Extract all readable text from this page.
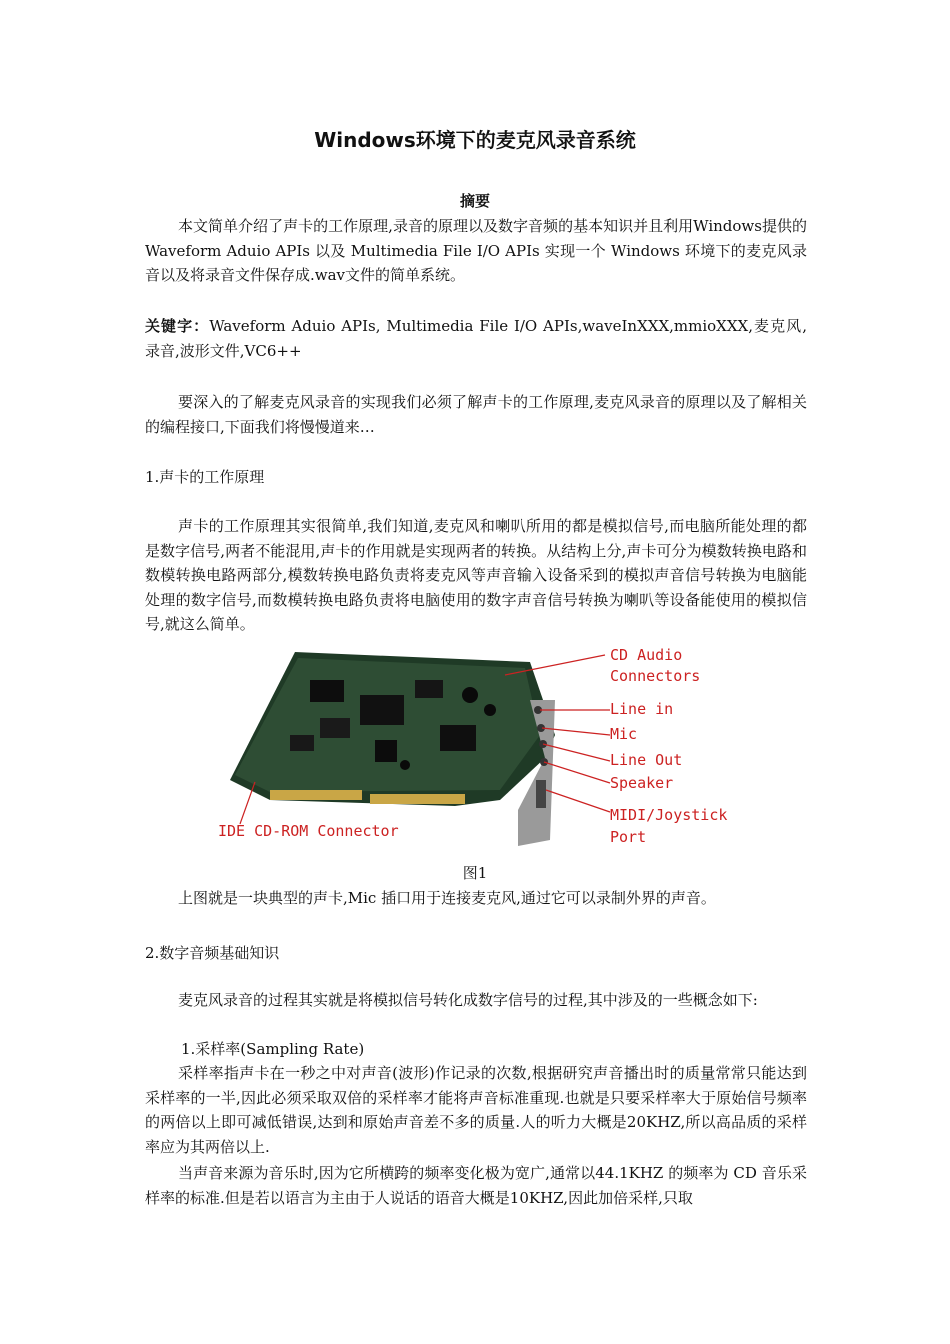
Windows环境下的麦克风录音系统
摘要
本文简单介绍了声卡的工作原理,录音的原理以及数字音频的基本知识并且利用Windows提供的Waveform Aduio APIs 以及 Multimedia File I/O APIs 实现一个 Windows 环境下的麦克风录音以及将录音文件保存成.wav文件的简单系统。
关键字：Waveform Aduio APIs, Multimedia File I/O APIs,waveInXXX,mmioXXX,麦克风,录音,波形文件,VC6++
要深入的了解麦克风录音的实现我们必须了解声卡的工作原理,麦克风录音的原理以及了解相关的编程接口,下面我们将慢慢道来…
1.声卡的工作原理
声卡的工作原理其实很简单,我们知道,麦克风和喇叭所用的都是模拟信号,而电脑所能处理的都是数字信号,两者不能混用,声卡的作用就是实现两者的转换。从结构上分,声卡可分为模数转换电路和数模转换电路两部分,模数转换电路负责将麦克风等声音输入设备采到的模拟声音信号转换为电脑能处理的数字信号,而数模转换电路负责将电脑使用的数字声音信号转换为喇叭等设备能使用的模拟信号,就这么简单。
CD Audio
Connectors
Line in
Mic
Line Out
Speaker
MIDI/Joystick
Port
IDE CD-ROM Connector
图1
上图就是一块典型的声卡,Mic 插口用于连接麦克风,通过它可以录制外界的声音。
2.数字音频基础知识
麦克风录音的过程其实就是将模拟信号转化成数字信号的过程,其中涉及的一些概念如下:
1.采样率(Sampling Rate)
采样率指声卡在一秒之中对声音(波形)作记录的次数,根据研究声音播出时的质量常常只能达到采样率的一半,因此必须采取双倍的采样率才能将声音标准重现.也就是只要采样率大于原始信号频率的两倍以上即可减低错误,达到和原始声音差不多的质量.人的听力大概是20KHZ,所以高品质的采样率应为其两倍以上.
当声音来源为音乐时,因为它所横跨的频率变化极为宽广,通常以44.1KHZ 的频率为 CD 音乐采样率的标准.但是若以语言为主由于人说话的语音大概是10KHZ,因此加倍采样,只取
